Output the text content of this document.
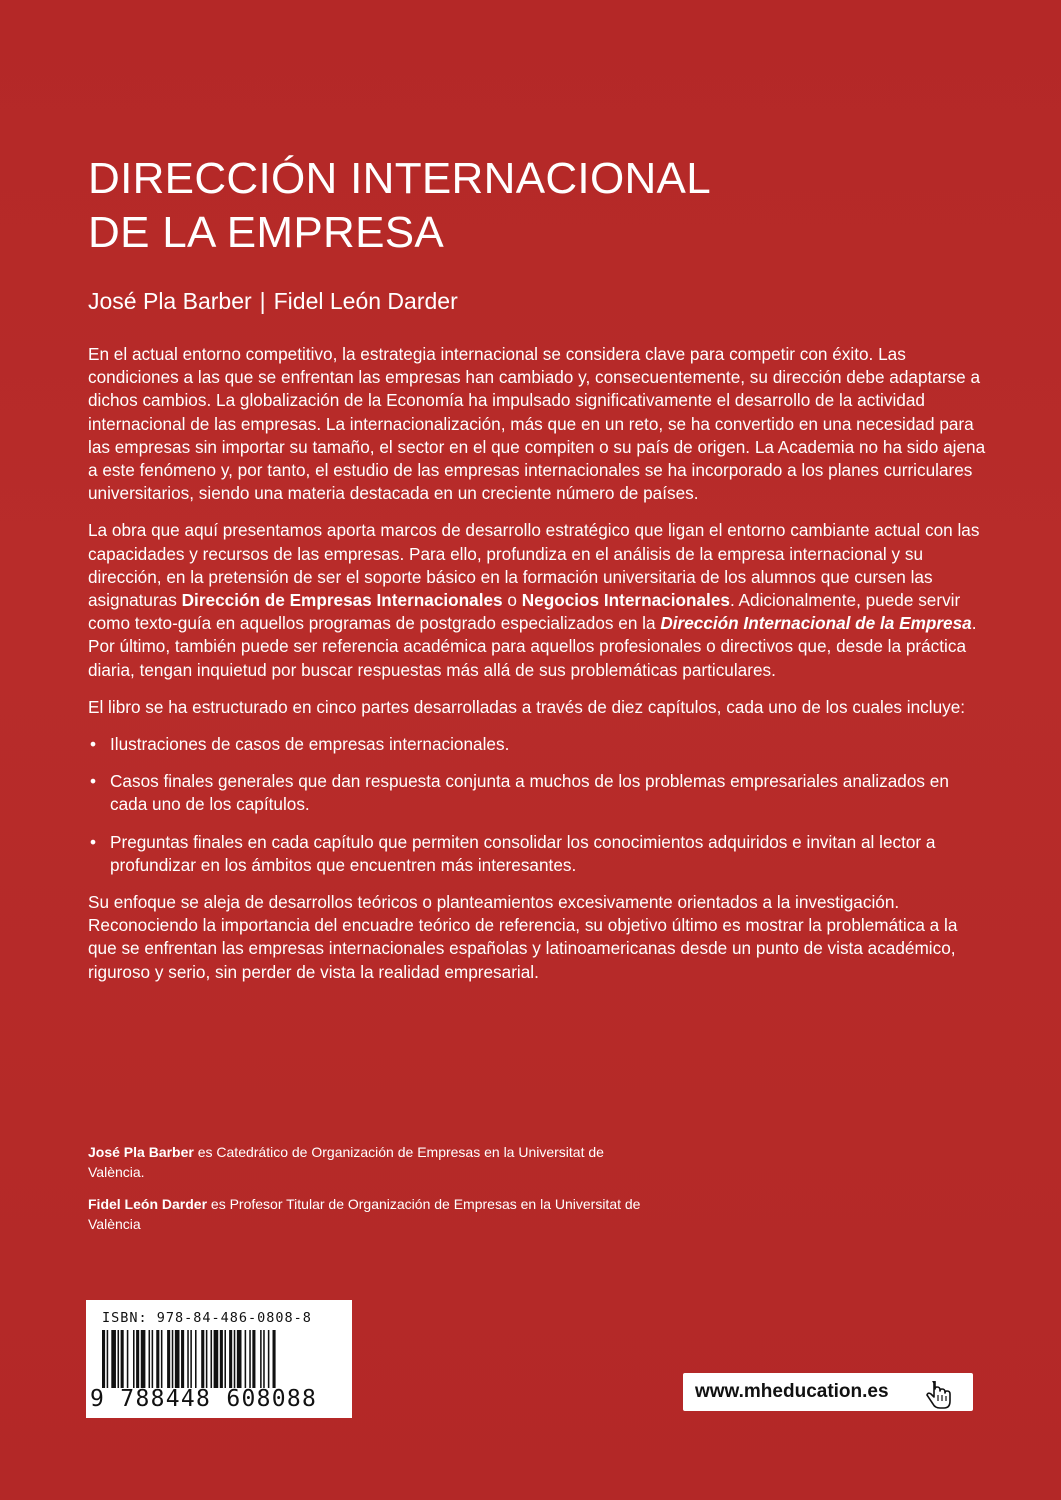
DIRECCIÓN INTERNACIONAL
DE LA EMPRESA
José Pla Barber | Fidel León Darder

En el actual entorno competitivo, la estrategia internacional se considera clave para competir con éxito. Las condiciones a las que se enfrentan las empresas han cambiado y, consecuentemente, su dirección debe adaptarse a dichos cambios. La globalización de la Economía ha impulsado significativamente el desarrollo de la actividad internacional de las empresas. La internacionalización, más que en un reto, se ha convertido en una necesidad para las empresas sin importar su tamaño, el sector en el que compiten o su país de origen. La Academia no ha sido ajena a este fenómeno y, por tanto, el estudio de las empresas internacionales se ha incorporado a los planes curriculares universitarios, siendo una materia destacada en un creciente número de países.

La obra que aquí presentamos aporta marcos de desarrollo estratégico que ligan el entorno cambiante actual con las capacidades y recursos de las empresas. Para ello, profundiza en el análisis de la empresa internacional y su dirección, en la pretensión de ser el soporte básico en la formación universitaria de los alumnos que cursen las asignaturas Dirección de Empresas Internacionales o Negocios Internacionales. Adicionalmente, puede servir como texto-guía en aquellos programas de postgrado especializados en la Dirección Internacional de la Empresa. Por último, también puede ser referencia académica para aquellos profesionales o directivos que, desde la práctica diaria, tengan inquietud por buscar respuestas más allá de sus problemáticas particulares.

El libro se ha estructurado en cinco partes desarrolladas a través de diez capítulos, cada uno de los cuales incluye:

• Ilustraciones de casos de empresas internacionales.
• Casos finales generales que dan respuesta conjunta a muchos de los problemas empresariales analizados en cada uno de los capítulos.
• Preguntas finales en cada capítulo que permiten consolidar los conocimientos adquiridos e invitan al lector a profundizar en los ámbitos que encuentren más interesantes.

Su enfoque se aleja de desarrollos teóricos o planteamientos excesivamente orientados a la investigación. Reconociendo la importancia del encuadre teórico de referencia, su objetivo último es mostrar la problemática a la que se enfrentan las empresas internacionales españolas y latinoamericanas desde un punto de vista académico, riguroso y serio, sin perder de vista la realidad empresarial.

José Pla Barber es Catedrático de Organización de Empresas en la Universitat de València.

Fidel León Darder es Profesor Titular de Organización de Empresas en la Universitat de València

ISBN: 978-84-486-0808-8
9 788448 608088	www.mheducation.es
